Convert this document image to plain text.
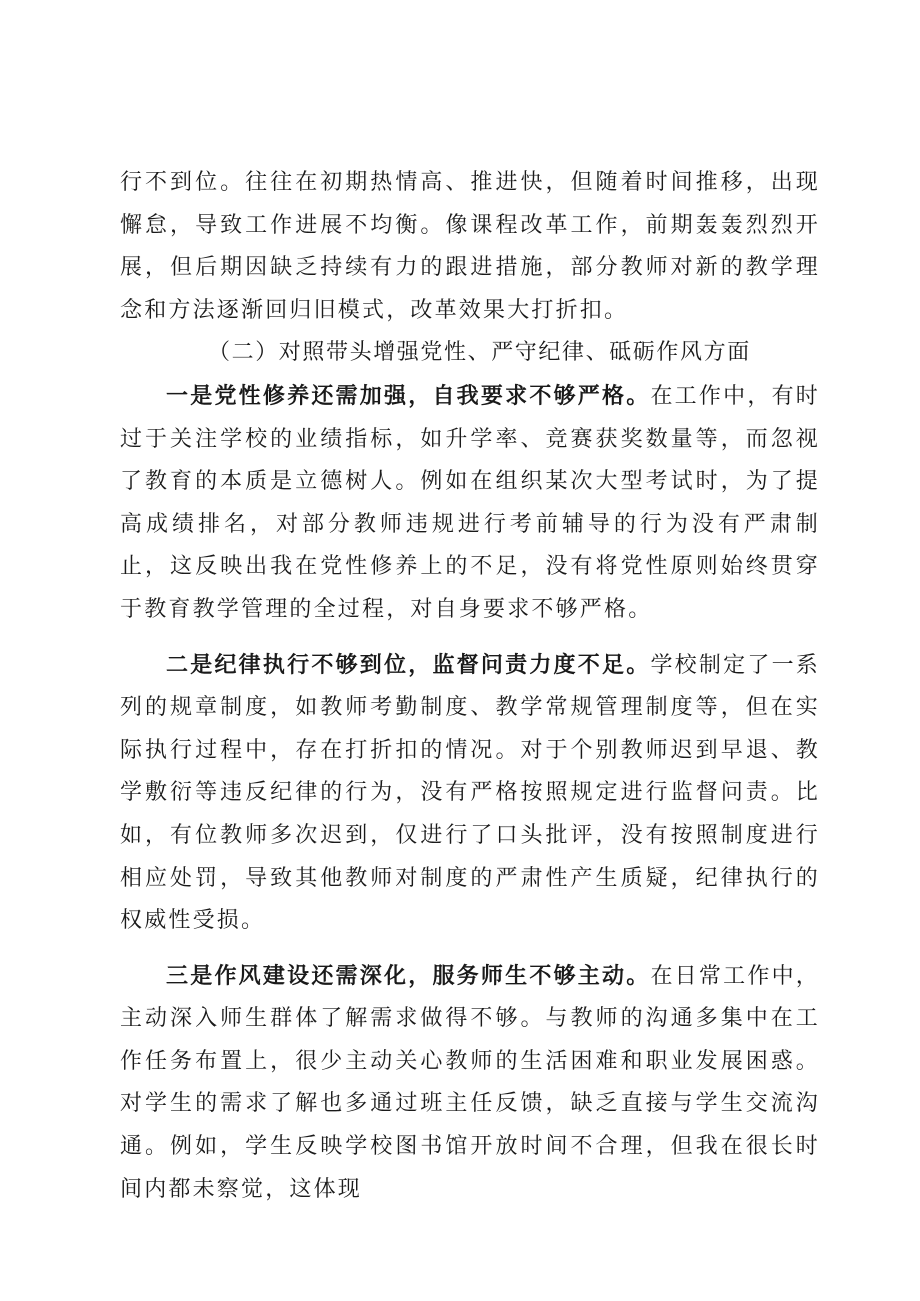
行不到位。往往在初期热情高、推进快，但随着时间推移，出现懈怠，导致工作进展不均衡。像课程改革工作，前期轰轰烈烈开展，但后期因缺乏持续有力的跟进措施，部分教师对新的教学理念和方法逐渐回归旧模式，改革效果大打折扣。

（二）对照带头增强党性、严守纪律、砥砺作风方面

一是党性修养还需加强，自我要求不够严格。在工作中，有时过于关注学校的业绩指标，如升学率、竞赛获奖数量等，而忽视了教育的本质是立德树人。例如在组织某次大型考试时，为了提高成绩排名，对部分教师违规进行考前辅导的行为没有严肃制止，这反映出我在党性修养上的不足，没有将党性原则始终贯穿于教育教学管理的全过程，对自身要求不够严格。

二是纪律执行不够到位，监督问责力度不足。学校制定了一系列的规章制度，如教师考勤制度、教学常规管理制度等，但在实际执行过程中，存在打折扣的情况。对于个别教师迟到早退、教学敷衍等违反纪律的行为，没有严格按照规定进行监督问责。比如，有位教师多次迟到，仅进行了口头批评，没有按照制度进行相应处罚，导致其他教师对制度的严肃性产生质疑，纪律执行的权威性受损。

三是作风建设还需深化，服务师生不够主动。在日常工作中，主动深入师生群体了解需求做得不够。与教师的沟通多集中在工作任务布置上，很少主动关心教师的生活困难和职业发展困惑。对学生的需求了解也多通过班主任反馈，缺乏直接与学生交流沟通。例如，学生反映学校图书馆开放时间不合理，但我在很长时间内都未察觉，这体现
